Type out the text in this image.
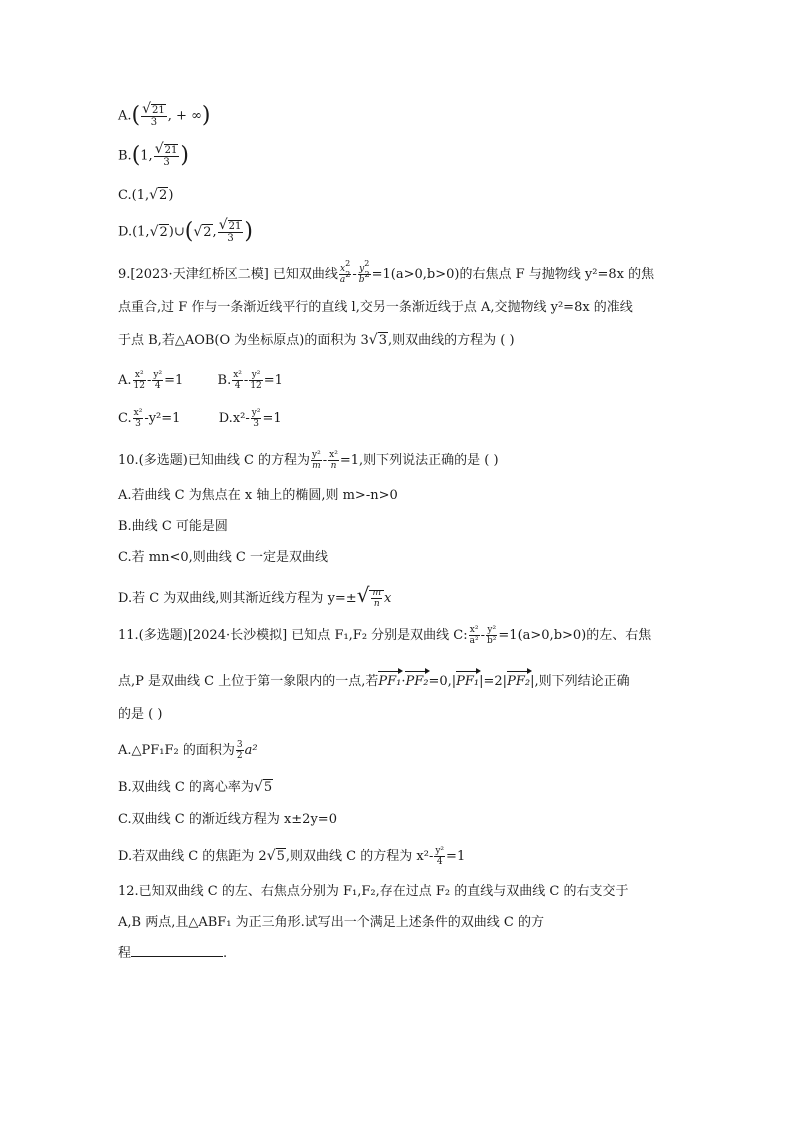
$A.( \frac{√21}{3}$ , + ∞)
B.(1, $\frac{√21}{3}$ )
C.(1,√2)
D.(1,√2)∪(√2, $\frac{√21}{3}$ )
9.[2023·天津红桥区二模] 已知双曲线 $\frac{x^2}{a^2} - \frac{y^2}{b^2} =1(a>0,b>0)$的右焦点 F 与抛物线 y²=8x 的焦
点重合,过 F 作与一条渐近线平行的直线 l,交另一条渐近线于点 A,交抛物线 y²=8x 的准线
于点 B,若△AOB(O 为坐标原点)的面积为 3√3,则双曲线的方程为 ( )
A. $\frac{\text{x²}}{12} - \frac{\text{y²}}{4} =1$	B. $\frac{\text{x²}}{4} - \frac{\text{y²}}{12} =1$
C. $\frac{\text{x²}}{3} -y^2=1$	$D.x^2- \frac{\text{y²}}{3} =1$
10.(多选题)已知曲线 C 的方程为 $\frac{\text{y²}}{m} - \frac{\text{x²}}{n} =1$,则下列说法正确的是 ( )
A.若曲线 C 为焦点在 x 轴上的椭圆,则 m>-n>0
B.曲线 C 可能是圆
C.若 mn<0,则曲线 C 一定是双曲线
D.若 C 为双曲线,则其渐近线方程为 $y=\pm√ \frac{m}{n}$ x
11.(多选题)[2024·长沙模拟] 已知点 F₁,F₂ 分别是双曲线 C: $\frac{\text{x²}}{\text{a²}} - \frac{\text{y²}}{\text{b²}} =1(a>0,b>0)$的左、右焦
点,P 是双曲线 C 上位于第一象限内的一点,若PF₁·PF₂=0,|PF₁|=2|PF₂|,则下列结论正确
的是 ( )
A.△PF₁F₂ 的面积为 $\frac{3}{2} a^2$
B.双曲线 C 的离心率为√5
C.双曲线 C 的渐近线方程为 x±2y=0
D.若双曲线 C 的焦距为 2√5,则双曲线 C 的方程为 $x^2- \frac{\text{y²}}{4} =1$
12.已知双曲线 C 的左、右焦点分别为 F₁,F₂,存在过点 F₂ 的直线与双曲线 C 的右支交于
A,B 两点,且△ABF₁ 为正三角形.试写出一个满足上述条件的双曲线 C 的方
程	.
